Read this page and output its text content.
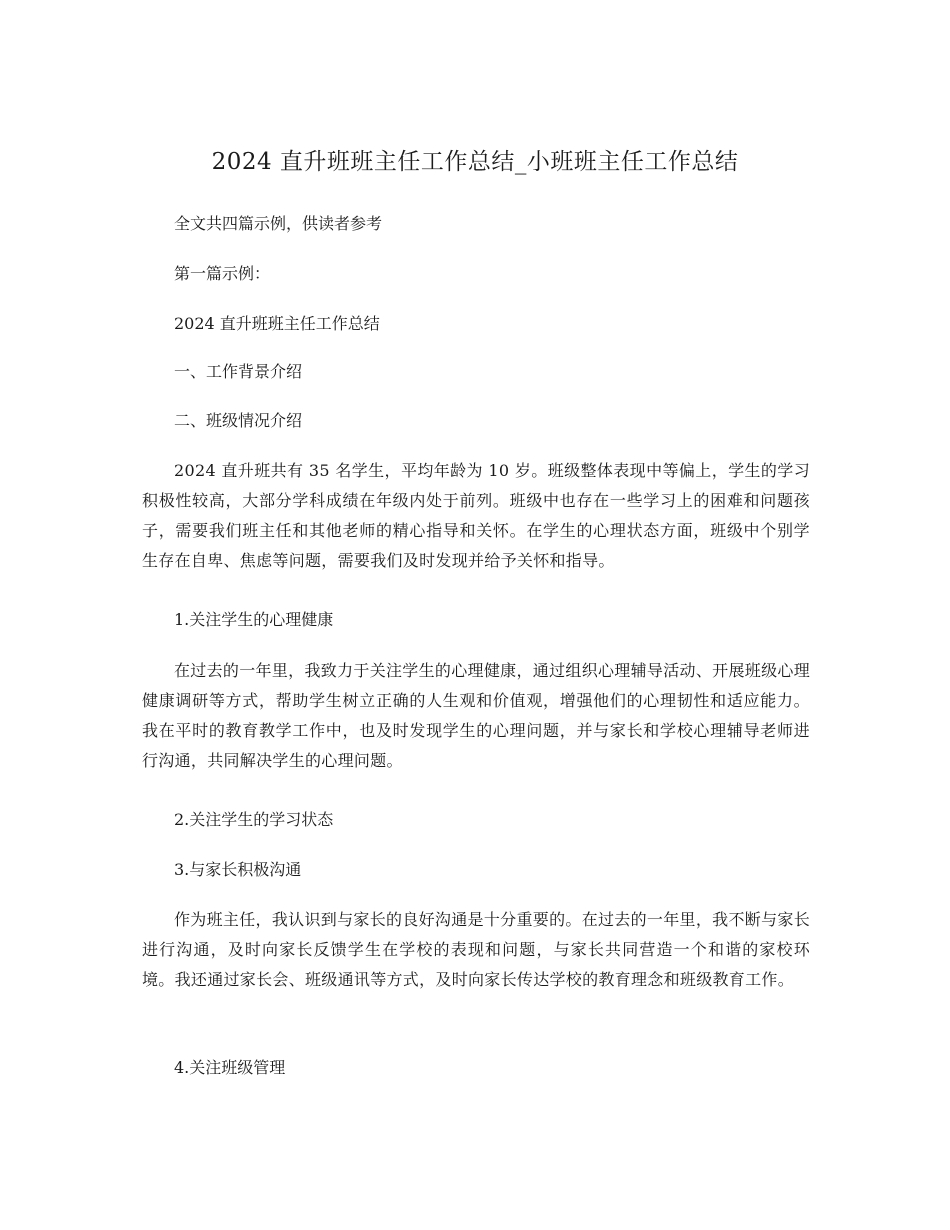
2024 直升班班主任工作总结_小班班主任工作总结
全文共四篇示例，供读者参考
第一篇示例：
2024 直升班班主任工作总结
一、工作背景介绍
二、班级情况介绍
2024 直升班共有 35 名学生，平均年龄为 10 岁。班级整体表现中等偏上，学生的学习积极性较高，大部分学科成绩在年级内处于前列。班级中也存在一些学习上的困难和问题孩子，需要我们班主任和其他老师的精心指导和关怀。在学生的心理状态方面，班级中个别学生存在自卑、焦虑等问题，需要我们及时发现并给予关怀和指导。
1.关注学生的心理健康
在过去的一年里，我致力于关注学生的心理健康，通过组织心理辅导活动、开展班级心理健康调研等方式，帮助学生树立正确的人生观和价值观，增强他们的心理韧性和适应能力。我在平时的教育教学工作中，也及时发现学生的心理问题，并与家长和学校心理辅导老师进行沟通，共同解决学生的心理问题。
2.关注学生的学习状态
3.与家长积极沟通
作为班主任，我认识到与家长的良好沟通是十分重要的。在过去的一年里，我不断与家长进行沟通，及时向家长反馈学生在学校的表现和问题，与家长共同营造一个和谐的家校环境。我还通过家长会、班级通讯等方式，及时向家长传达学校的教育理念和班级教育工作。
4.关注班级管理
